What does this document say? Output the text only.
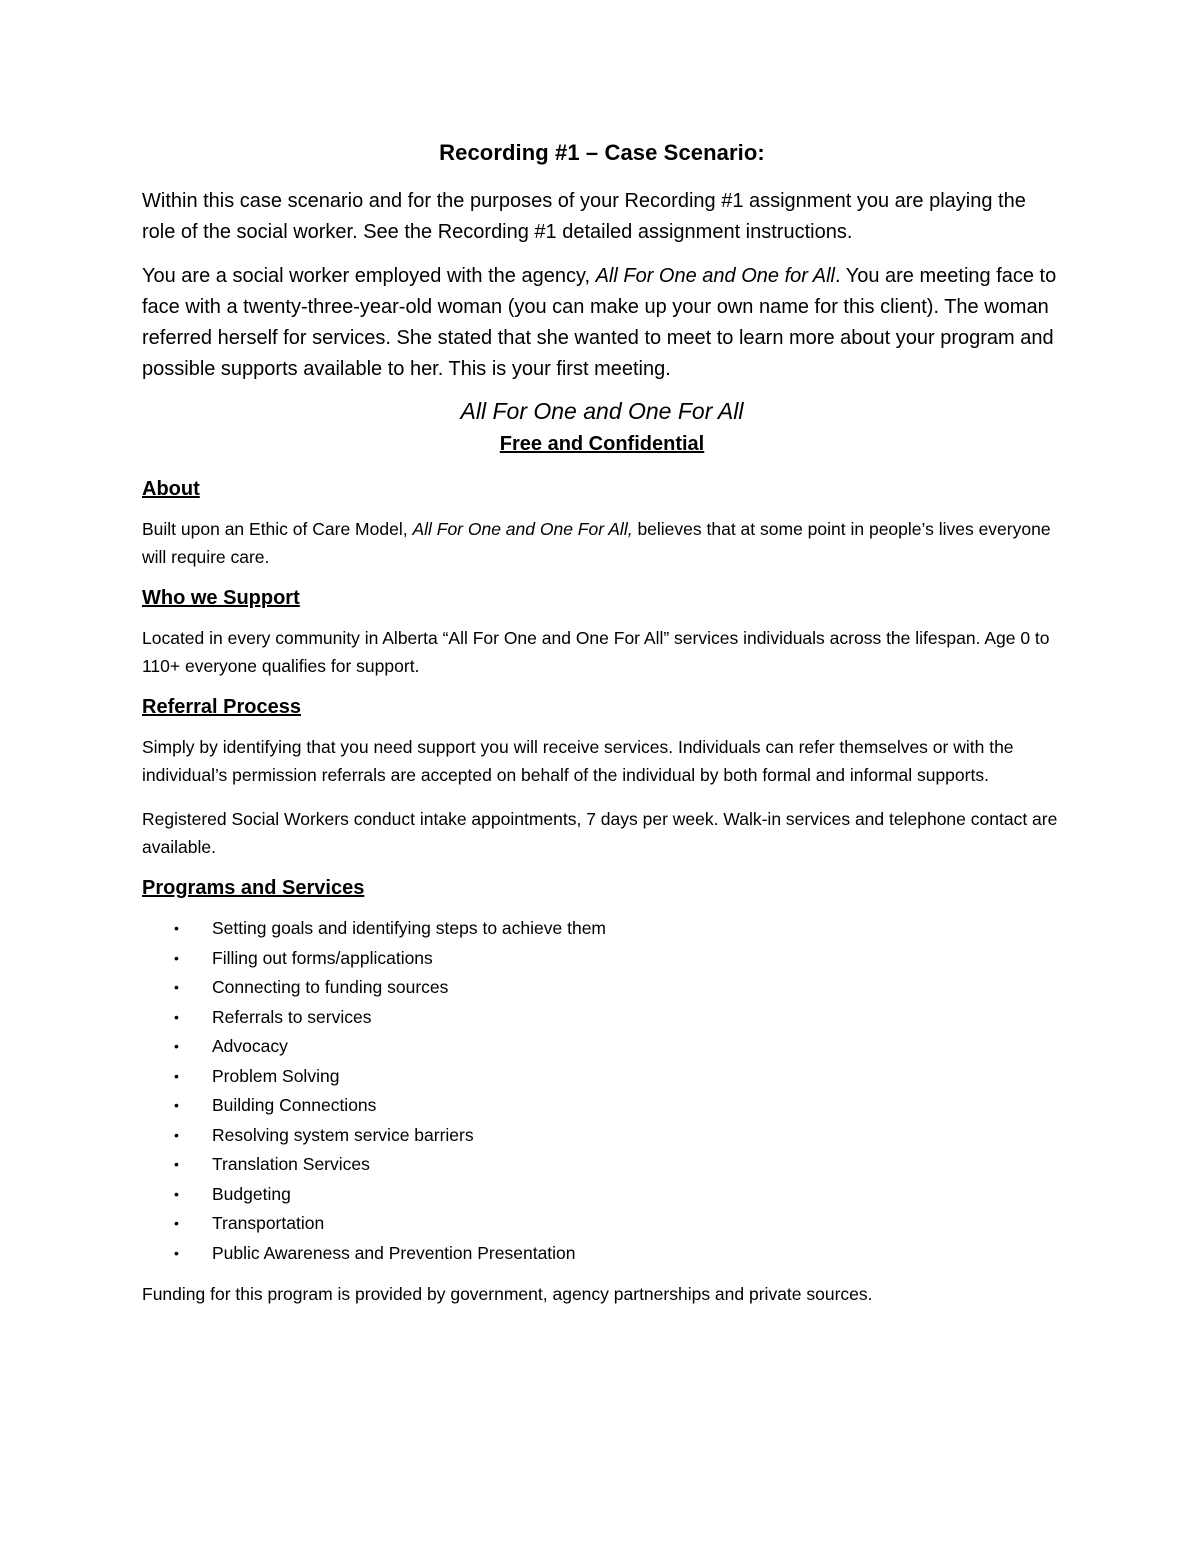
Recording #1 – Case Scenario:

Within this case scenario and for the purposes of your Recording #1 assignment you are playing the role of the social worker. See the Recording #1 detailed assignment instructions.

You are a social worker employed with the agency, All For One and One for All. You are meeting face to face with a twenty-three-year-old woman (you can make up your own name for this client). The woman referred herself for services. She stated that she wanted to meet to learn more about your program and possible supports available to her. This is your first meeting.

All For One and One For All
Free and Confidential
About

Built upon an Ethic of Care Model, All For One and One For All, believes that at some point in people’s lives everyone will require care.

Who we Support

Located in every community in Alberta “All For One and One For All” services individuals across the lifespan. Age 0 to 110+ everyone qualifies for support.

Referral Process

Simply by identifying that you need support you will receive services. Individuals can refer themselves or with the individual’s permission referrals are accepted on behalf of the individual by both formal and informal supports.

Registered Social Workers conduct intake appointments, 7 days per week. Walk-in services and telephone contact are available.

Programs and Services
• Setting goals and identifying steps to achieve them
• Filling out forms/applications
• Connecting to funding sources
• Referrals to services
• Advocacy
• Problem Solving
• Building Connections
• Resolving system service barriers
• Translation Services
• Budgeting
• Transportation
• Public Awareness and Prevention Presentation

Funding for this program is provided by government, agency partnerships and private sources.
